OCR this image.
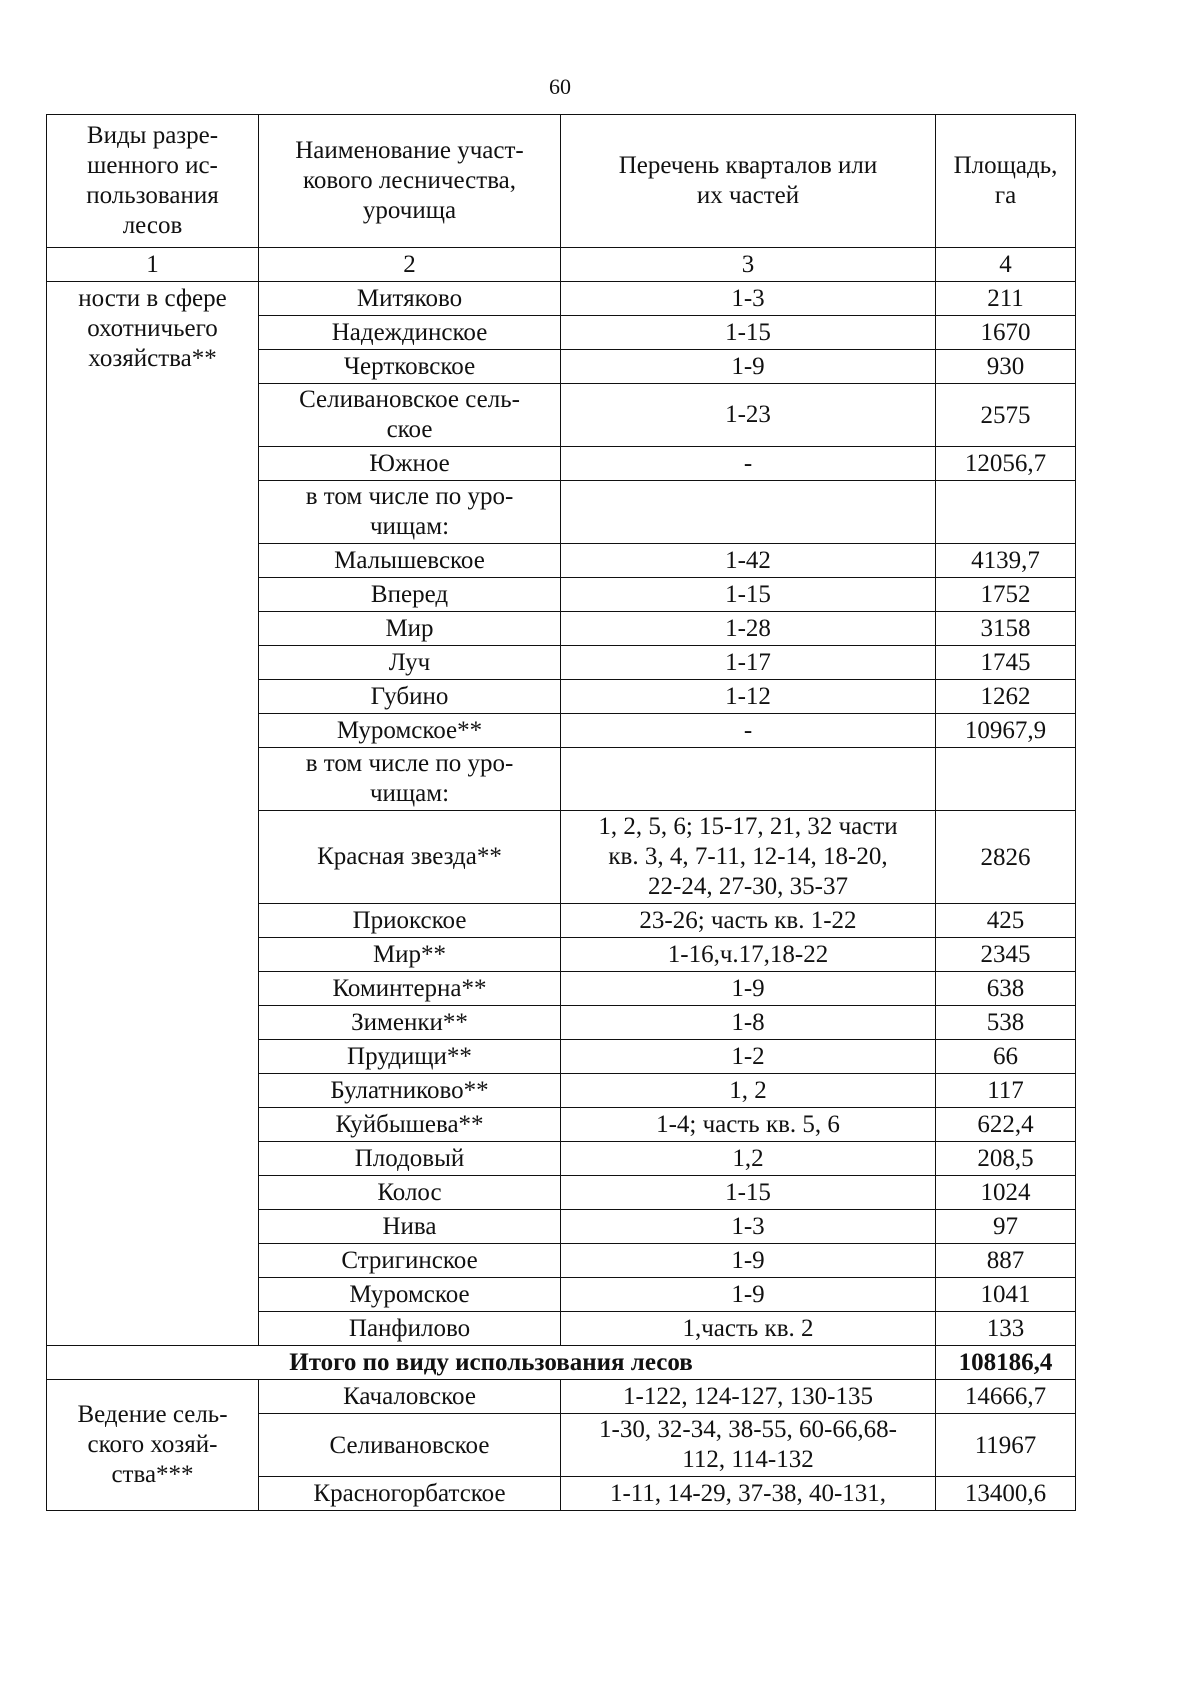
60
Виды разре-
шенного ис-
пользования
лесов	Наименование участ-
кового лесничества,
урочища	Перечень кварталов или
их частей	Площадь,
га
1	2	3	4
ности в сфере
охотничьего
хозяйства**	Митяково	1-3	211
	Надеждинское	1-15	1670
	Чертковское	1-9	930
	Селивановское сель-
ское	1-23	2575
	Южное	-	12056,7
	в том числе по уро-
чищам:		
	Малышевское	1-42	4139,7
	Вперед	1-15	1752
	Мир	1-28	3158
	Луч	1-17	1745
	Губино	1-12	1262
	Муромское**	-	10967,9
	в том числе по уро-
чищам:		
	Красная звезда**	1, 2, 5, 6; 15-17, 21, 32 части
кв. 3, 4, 7-11, 12-14, 18-20,
22-24, 27-30, 35-37	2826
	Приокское	23-26; часть кв. 1-22	425
	Мир**	1-16,ч.17,18-22	2345
	Коминтерна**	1-9	638
	Зименки**	1-8	538
	Прудищи**	1-2	66
	Булатниково**	1, 2	117
	Куйбышева**	1-4; часть кв. 5, 6	622,4
	Плодовый	1,2	208,5
	Колос	1-15	1024
	Нива	1-3	97
	Стригинское	1-9	887
	Муромское	1-9	1041
	Панфилово	1,часть кв. 2	133
Итого по виду использования лесов			108186,4
Ведение сель-
ского хозяй-
ства***	Качаловское	1-122, 124-127, 130-135	14666,7
	Селивановское	1-30, 32-34, 38-55, 60-66,68-
112, 114-132	11967
	Красногорбатское	1-11, 14-29, 37-38, 40-131,	13400,6
